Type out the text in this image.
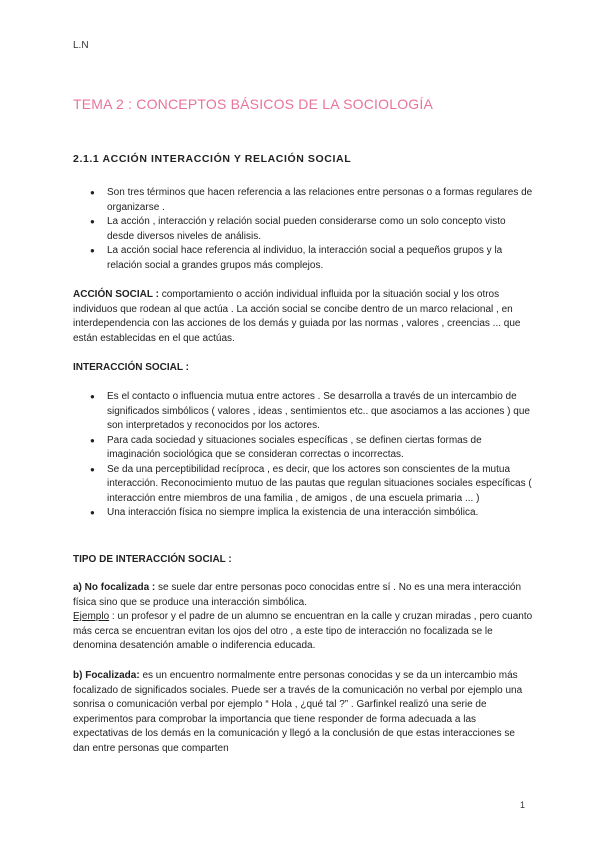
L.N
TEMA 2 : CONCEPTOS BÁSICOS DE LA SOCIOLOGÍA
2.1.1 ACCIÓN INTERACCIÓN Y RELACIÓN SOCIAL
● Son tres términos que hacen referencia a las relaciones entre personas o a formas regulares de organizarse .
● La acción , interacción y relación social pueden considerarse como un solo concepto visto desde diversos niveles de análisis.
● La acción social hace referencia al individuo, la interacción social a pequeños grupos y la relación social a grandes grupos más complejos.

ACCIÓN SOCIAL : comportamiento o acción individual influida por la situación social y los otros individuos que rodean al que actúa . La acción social se concibe dentro de un marco relacional , en interdependencia con las acciones de los demás y guiada por las normas , valores , creencias ... que están establecidas en el que actúas.

INTERACCIÓN SOCIAL :
● Es el contacto o influencia mutua entre actores . Se desarrolla a través de un intercambio de significados simbólicos ( valores , ideas , sentimientos etc.. que asociamos a las acciones ) que son interpretados y reconocidos por los actores.
● Para cada sociedad y situaciones sociales específicas , se definen ciertas formas de imaginación sociológica que se consideran correctas o incorrectas.
● Se da una perceptibilidad recíproca , es decir, que los actores son conscientes de la mutua interacción. Reconocimiento mutuo de las pautas que regulan situaciones sociales específicas ( interacción entre miembros de una familia , de amigos , de una escuela primaria ... )
● Una interacción física no siempre implica la existencia de una interacción simbólica.
TIPO DE INTERACCIÓN SOCIAL :

a) No focalizada : se suele dar entre personas poco conocidas entre sí . No es una mera interacción física sino que se produce una interacción simbólica.
Ejemplo : un profesor y el padre de un alumno se encuentran en la calle y cruzan miradas , pero cuanto más cerca se encuentran evitan los ojos del otro , a este tipo de interacción no focalizada se le denomina desatención amable o indiferencia educada.

b) Focalizada: es un encuentro normalmente entre personas conocidas y se da un intercambio más focalizado de significados sociales. Puede ser a través de la comunicación no verbal por ejemplo una sonrisa o comunicación verbal por ejemplo “ Hola , ¿qué tal ?” . Garfinkel realizó una serie de experimentos para comprobar la importancia que tiene responder de forma adecuada a las expectativas de los demás en la comunicación y llegó a la conclusión de que estas interacciones se dan entre personas que comparten

1
